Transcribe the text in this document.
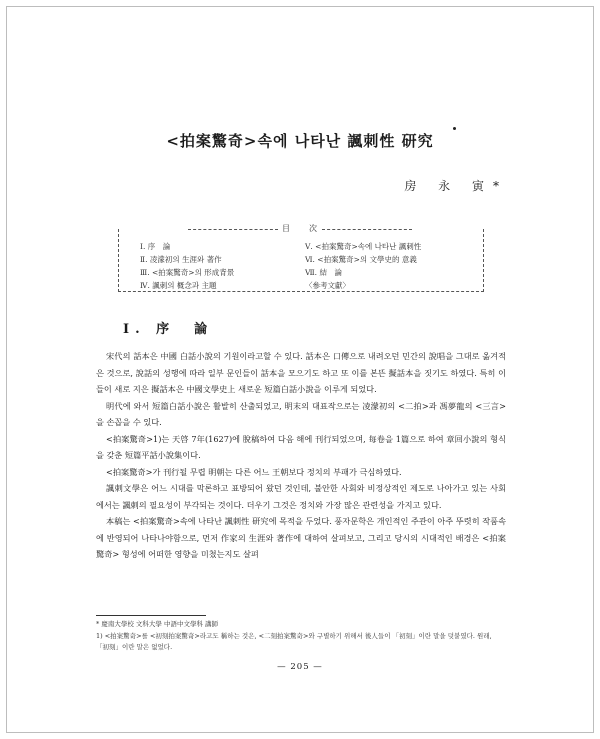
<拍案驚奇>속에 나타난 諷刺性 研究
房 永 寅*
目　　次
Ⅰ. 序　論
Ⅱ. 凌濛初의 生涯와 著作
Ⅲ. <拍案驚奇>의 形成背景
Ⅳ. 諷刺의 概念과 主題
Ⅴ. <拍案驚奇>속에 나타난 諷刺性
Ⅵ. <拍案驚奇>의 文學史的 意義
Ⅶ. 結　論
〈參考文獻〉
Ⅰ. 序　論

宋代의 話本은 中國 白話小說의 기원이라고할 수 있다. 話本은 口傳으로 내려오던 민간의 說唱을 그대로 옮겨적은 것으로, 說話의 성행에 따라 일부 문인들이 話本을 모으기도 하고 또 이를 본뜬 擬話本을 짓기도 하였다. 특히 이들이 새로 지은 擬話本은 中國文學史上 새로운 短篇白話小說을 이루게 되었다.

明代에 와서 短篇白話小說은 활발히 산출되었고, 明末의 대표작으로는 凌濛初의 <二拍>과 馮夢龍의 <三言>을 손꼽을 수 있다.

<拍案驚奇>1)는 天啓 7年(1627)에 脫稿하여 다음 해에 刊行되었으며, 每卷을 1篇으로 하여 章回小說의 형식을 갖춘 短篇平話小說集이다.

<拍案驚奇>가 刊行될 무렵 明朝는 다른 어느 王朝보다 정치의 부패가 극심하였다.

諷刺文學은 어느 시대를 막론하고 표방되어 왔던 것인데, 불안한 사회와 비정상적인 제도로 나아가고 있는 사회에서는 諷刺의 필요성이 부각되는 것이다. 더우기 그것은 정치와 가장 많은 관련성을 가지고 있다.

本稿는 <拍案驚奇>속에 나타난 諷刺性 研究에 목적을 두었다. 풍자문학은 개인적인 주관이 아주 뚜렷히 작품속에 반영되어 나타나야함으로, 먼저 作家의 生涯와 著作에 대하여 살펴보고, 그리고 당시의 시대적인 배경은 <拍案驚奇> 형성에 어떠한 영향을 미쳤는지도 살펴

* 慶南大學校 文科大學 中語中文學科 講師

1) <拍案驚奇>를 <初刻拍案驚奇>라고도 稱하는 것은, <二刻拍案驚奇>와 구별하기 위해서 後人들이 「初刻」이란 말을 덧붙였다. 원래, 「初刻」이란 말은 없었다.

— 205 —
